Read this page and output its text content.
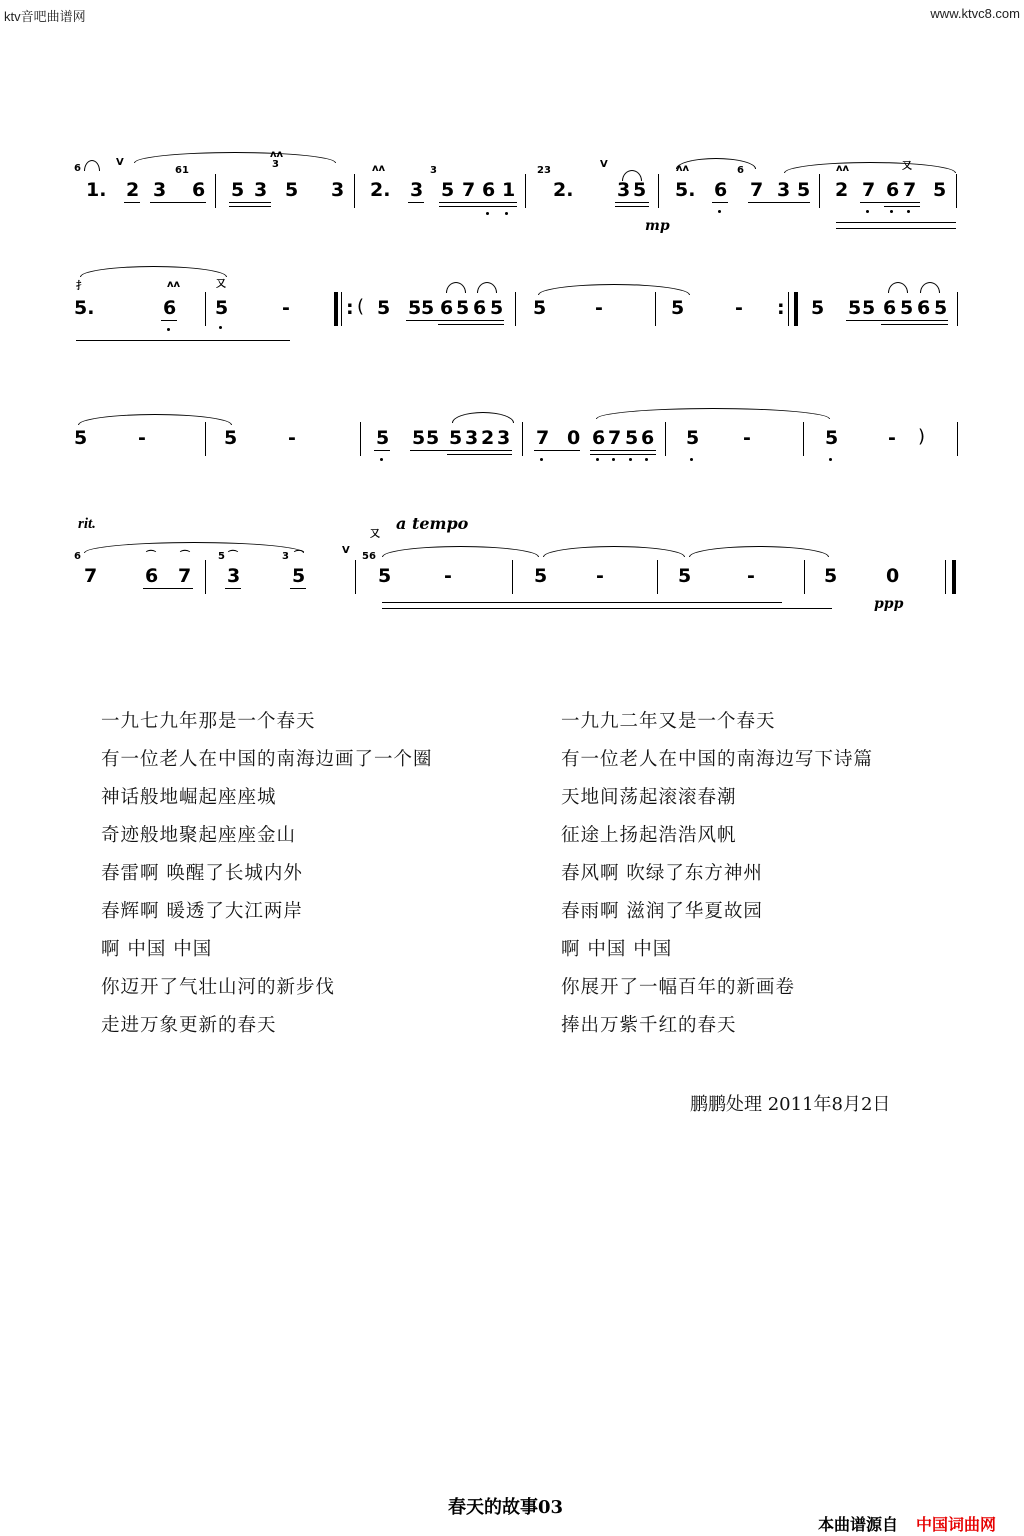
ktv音吧曲谱网	www.ktvc8.com
6
V
1. 2 3
61
6 5 3
3
ʌʌ
5 3
ʌʌ
2. 3
3
5 7 6 1
23
2.
V
3 5
mp
ʌʌ
5. 6
6
7 3 5
ʌʌ
2 7 6
又
7 5
扌
5.
ʌʌ
6
又
5	-	: ( 5 5 5 6 5 6 5 5	-	5	- : 5 5 5 6 5 6 5
5	-	5	-	5 5 5 5 3 2 3 7 0 6 7 5 6 5 -	5	- )
rit.
6
7
⌒
6
⌒
7
5 ⌒
3
3 ⌒
5
V
又
a tempo
56
5	-	5	-	5	-	5	0
ppp
一九七九年那是一个春天
有一位老人在中国的南海边画了一个圈
神话般地崛起座座城
奇迹般地聚起座座金山
春雷啊 唤醒了长城内外
春辉啊 暖透了大江两岸
啊 中国 中国
你迈开了气壮山河的新步伐
走进万象更新的春天
一九九二年又是一个春天
有一位老人在中国的南海边写下诗篇
天地间荡起滚滚春潮
征途上扬起浩浩风帆
春风啊 吹绿了东方神州
春雨啊 滋润了华夏故园
啊 中国 中国
你展开了一幅百年的新画卷
捧出万紫千红的春天
鹏鹏处理 2011年8月2日
春天的故事03
本曲谱源自 中国词曲网
